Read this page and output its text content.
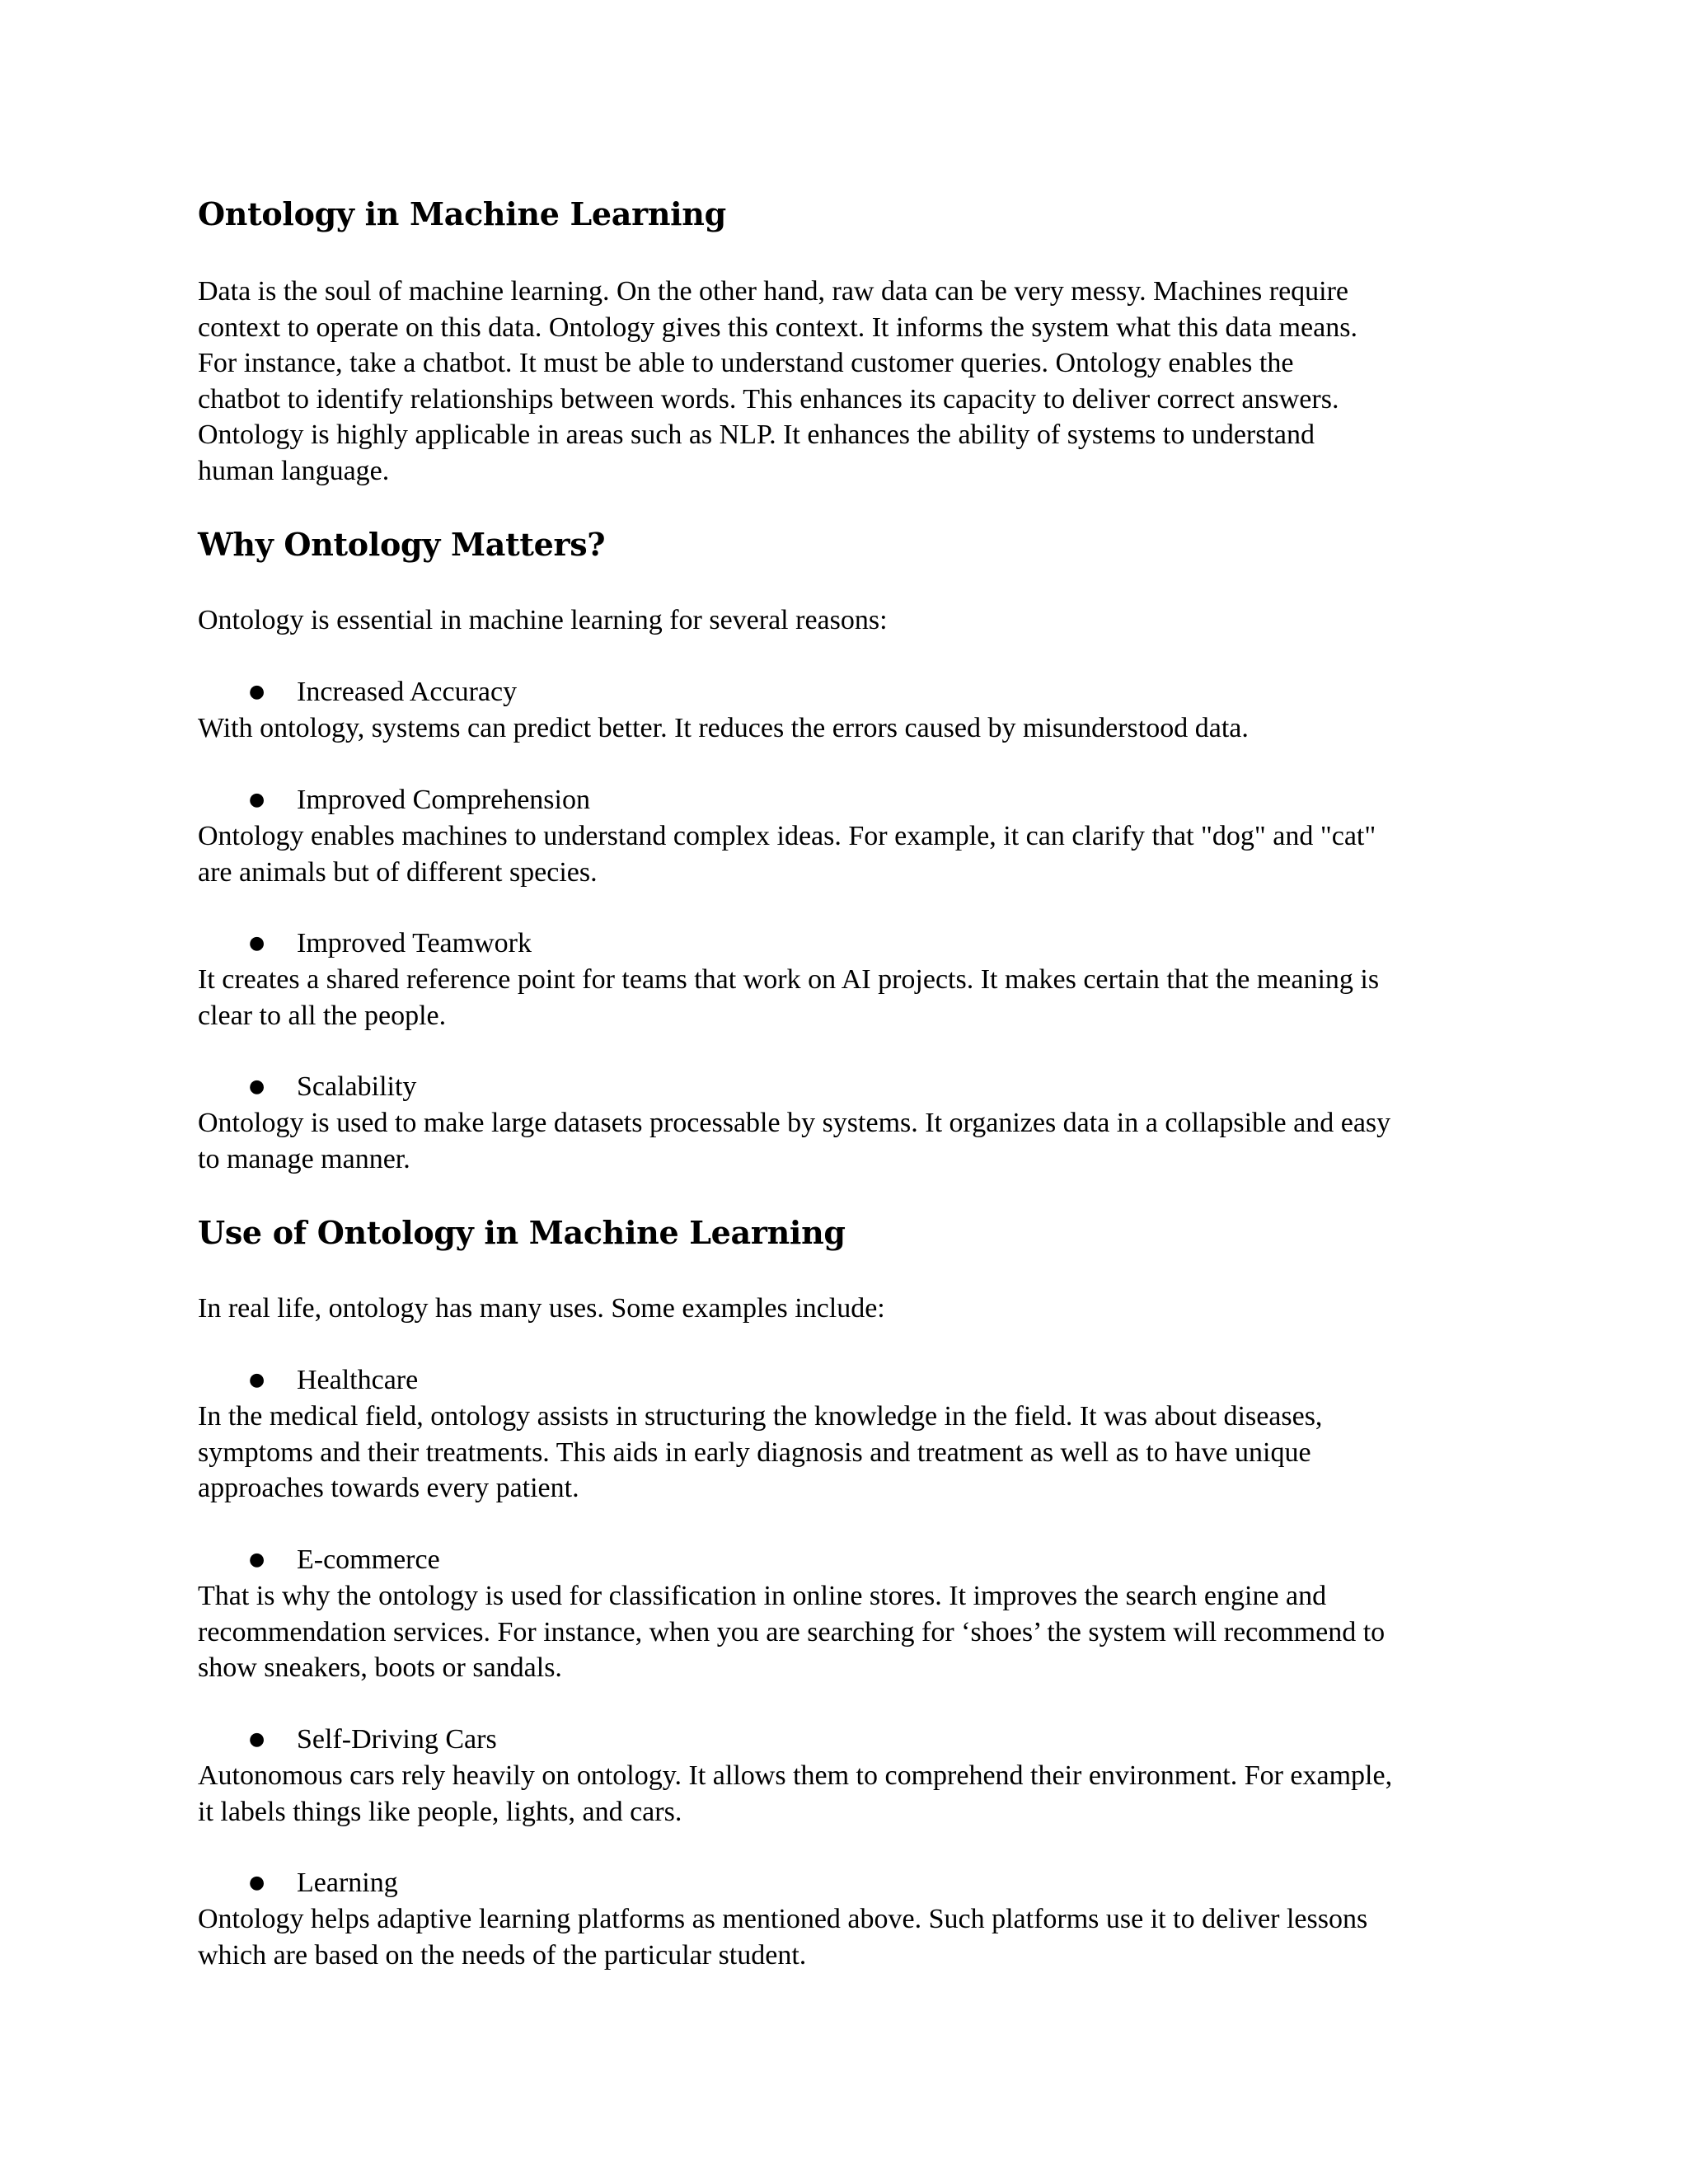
Ontology in Machine Learning
Data is the soul of machine learning. On the other hand, raw data can be very messy. Machines require
context to operate on this data. Ontology gives this context. It informs the system what this data means.
For instance, take a chatbot. It must be able to understand customer queries. Ontology enables the
chatbot to identify relationships between words. This enhances its capacity to deliver correct answers.
Ontology is highly applicable in areas such as NLP. It enhances the ability of systems to understand
human language.
Why Ontology Matters?
Ontology is essential in machine learning for several reasons:
● Increased Accuracy
With ontology, systems can predict better. It reduces the errors caused by misunderstood data.
● Improved Comprehension
Ontology enables machines to understand complex ideas. For example, it can clarify that "dog" and "cat"
are animals but of different species.
● Improved Teamwork
It creates a shared reference point for teams that work on AI projects. It makes certain that the meaning is
clear to all the people.
● Scalability
Ontology is used to make large datasets processable by systems. It organizes data in a collapsible and easy
to manage manner.
Use of Ontology in Machine Learning
In real life, ontology has many uses. Some examples include:
● Healthcare
In the medical field, ontology assists in structuring the knowledge in the field. It was about diseases,
symptoms and their treatments. This aids in early diagnosis and treatment as well as to have unique
approaches towards every patient.
● E-commerce
That is why the ontology is used for classification in online stores. It improves the search engine and
recommendation services. For instance, when you are searching for ‘shoes’ the system will recommend to
show sneakers, boots or sandals.
● Self-Driving Cars
Autonomous cars rely heavily on ontology. It allows them to comprehend their environment. For example,
it labels things like people, lights, and cars.
● Learning
Ontology helps adaptive learning platforms as mentioned above. Such platforms use it to deliver lessons
which are based on the needs of the particular student.
